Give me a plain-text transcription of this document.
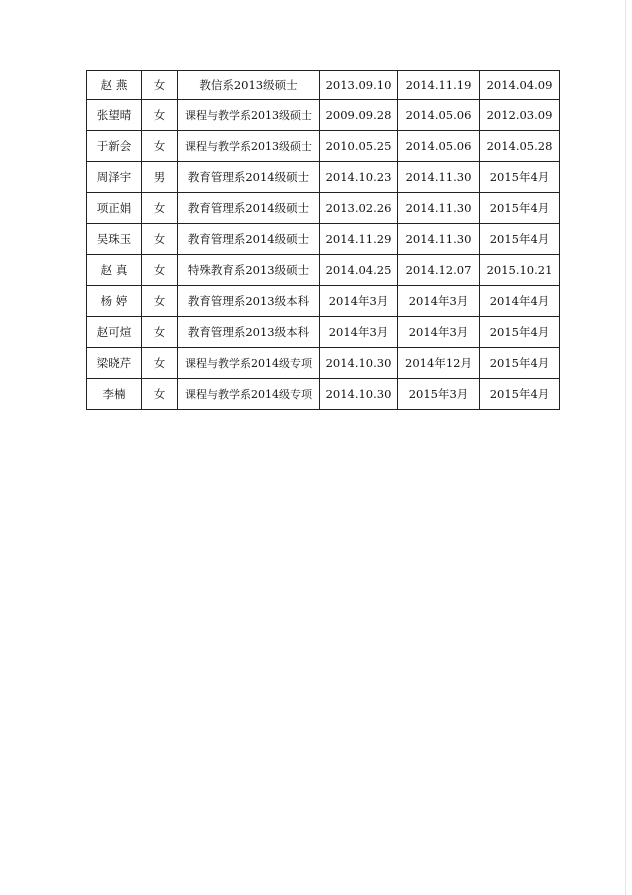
赵 燕	女	教信系2013级硕士	2013.09.10	2014.11.19	2014.04.09
张望晴	女	课程与教学系2013级硕士	2009.09.28	2014.05.06	2012.03.09
于新会	女	课程与教学系2013级硕士	2010.05.25	2014.05.06	2014.05.28
周泽宇	男	教育管理系2014级硕士	2014.10.23	2014.11.30	2015年4月
项正娟	女	教育管理系2014级硕士	2013.02.26	2014.11.30	2015年4月
吴珠玉	女	教育管理系2014级硕士	2014.11.29	2014.11.30	2015年4月
赵 真	女	特殊教育系2013级硕士	2014.04.25	2014.12.07	2015.10.21
杨 婷	女	教育管理系2013级本科	2014年3月	2014年3月	2014年4月
赵可煊	女	教育管理系2013级本科	2014年3月	2014年3月	2015年4月
梁晓芹	女	课程与教学系2014级专项	2014.10.30	2014年12月	2015年4月
李楠	女	课程与教学系2014级专项	2014.10.30	2015年3月	2015年4月
